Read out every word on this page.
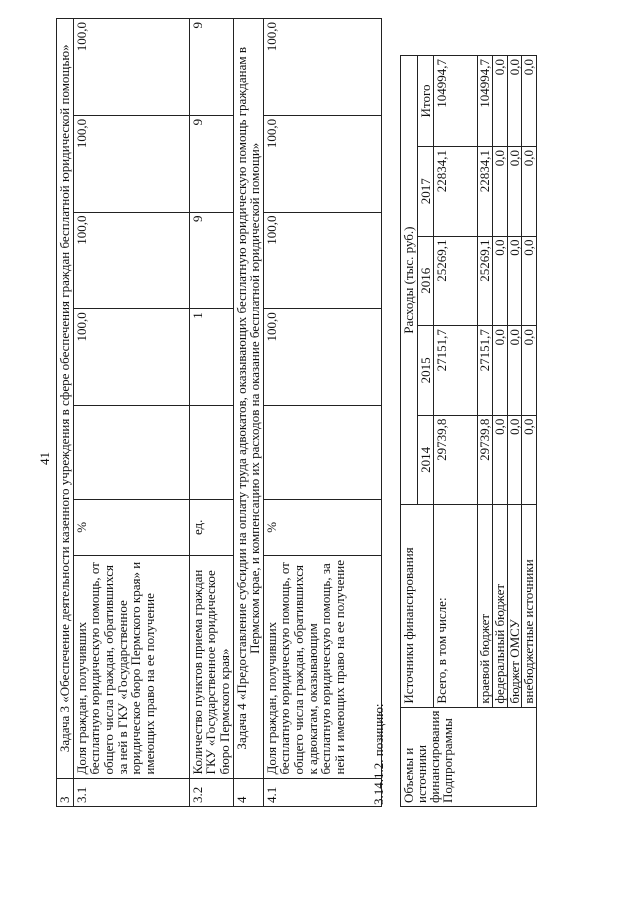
41
3	Задача 3 «Обеспечение деятельности казенного учреждения в сфере обеспечения граждан бесплатной юридической помощью»						
3.1	Доля граждан, получивших бесплатную юридическую помощь, от общего числа граждан, обратившихся за ней в ГКУ «Государственное юридическое бюро Пермского края» и имеющих право на ее получение	%		100,0	100,0	100,0	100,0
3.2	Количество пунктов приема граждан ГКУ «Государственное юридическое бюро Пермского края»	ед.		1	9	9	9
4	Задача 4 «Предоставление субсидии на оплату труда адвокатов, оказывающих бесплатную юридическую помощь гражданам в Пермском крае, и компенсацию их расходов на оказание бесплатной юридической помощи»						
4.1	Доля граждан, получивших бесплатную юридическую помощь, от общего числа граждан, обратившихся к адвокатам, оказывающим бесплатную юридическую помощь, за ней и имеющих право на ее получение	%		100,0	100,0	100,0	100,0
3.14.1.2. позицию: Объемы и источники финансирования Подпрограммы	Источники финансирования	Расходы (тыс. руб.)				
		2014	2015	2016	2017	Итого
	Всего, в том числе:	29739,8	27151,7	25269,1	22834,1	104994,7
	краевой бюджет	29739,8	27151,7	25269,1	22834,1	104994,7
	федеральный бюджет	0,0	0,0	0,0	0,0	0,0
	бюджет ОМСУ	0,0	0,0	0,0	0,0	0,0
	внебюджетные источники	0,0	0,0	0,0	0,0	0,0
